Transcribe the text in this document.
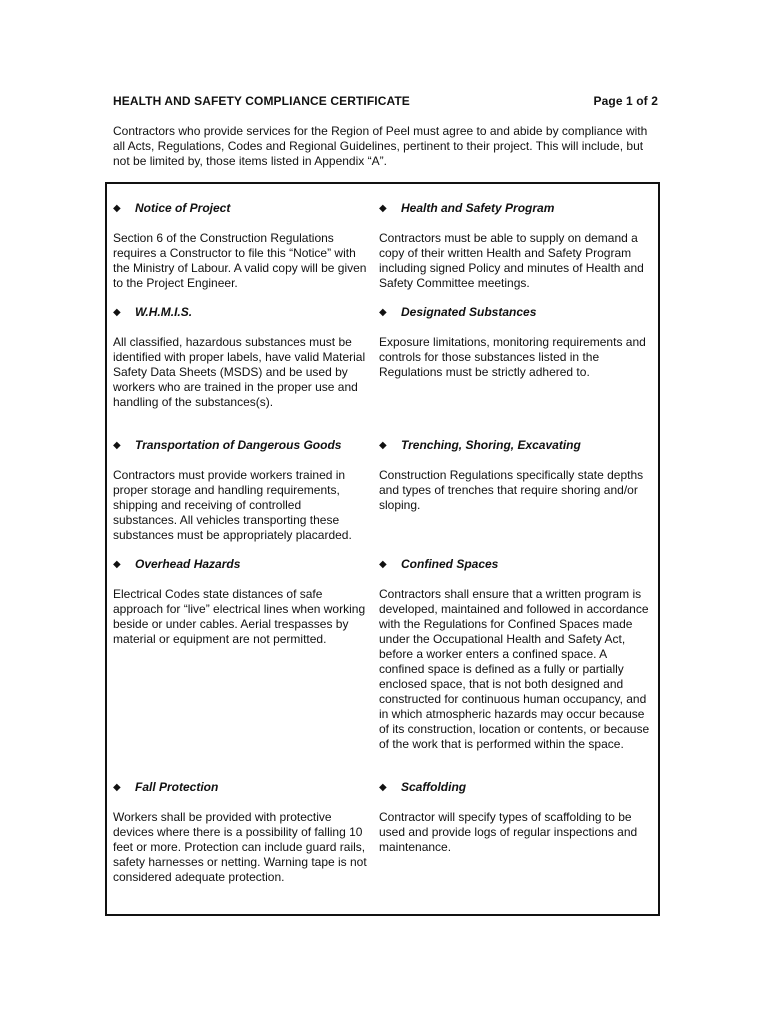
HEALTH AND SAFETY COMPLIANCE CERTIFICATE	Page 1 of 2
Contractors who provide services for the Region of Peel must agree to and abide by compliance with all Acts, Regulations, Codes and Regional Guidelines, pertinent to their project. This will include, but not be limited by, those items listed in Appendix “A”.
◆ Notice of Project
Section 6 of the Construction Regulations requires a Constructor to file this “Notice” with the Ministry of Labour. A valid copy will be given to the Project Engineer.
◆ Health and Safety Program
Contractors must be able to supply on demand a copy of their written Health and Safety Program including signed Policy and minutes of Health and Safety Committee meetings.
◆ W.H.M.I.S.
All classified, hazardous substances must be identified with proper labels, have valid Material Safety Data Sheets (MSDS) and be used by workers who are trained in the proper use and handling of the substances(s).
◆ Designated Substances
Exposure limitations, monitoring requirements and controls for those substances listed in the Regulations must be strictly adhered to.
◆ Transportation of Dangerous Goods
Contractors must provide workers trained in proper storage and handling requirements, shipping and receiving of controlled substances. All vehicles transporting these substances must be appropriately placarded.
◆ Trenching, Shoring, Excavating
Construction Regulations specifically state depths and types of trenches that require shoring and/or sloping.
◆ Overhead Hazards
Electrical Codes state distances of safe approach for “live” electrical lines when working beside or under cables. Aerial trespasses by material or equipment are not permitted.
◆ Confined Spaces
Contractors shall ensure that a written program is developed, maintained and followed in accordance with the Regulations for Confined Spaces made under the Occupational Health and Safety Act, before a worker enters a confined space. A confined space is defined as a fully or partially enclosed space, that is not both designed and constructed for continuous human occupancy, and in which atmospheric hazards may occur because of its construction, location or contents, or because of the work that is performed within the space.
◆ Fall Protection
Workers shall be provided with protective devices where there is a possibility of falling 10 feet or more. Protection can include guard rails, safety harnesses or netting. Warning tape is not considered adequate protection.
◆ Scaffolding
Contractor will specify types of scaffolding to be used and provide logs of regular inspections and maintenance.
